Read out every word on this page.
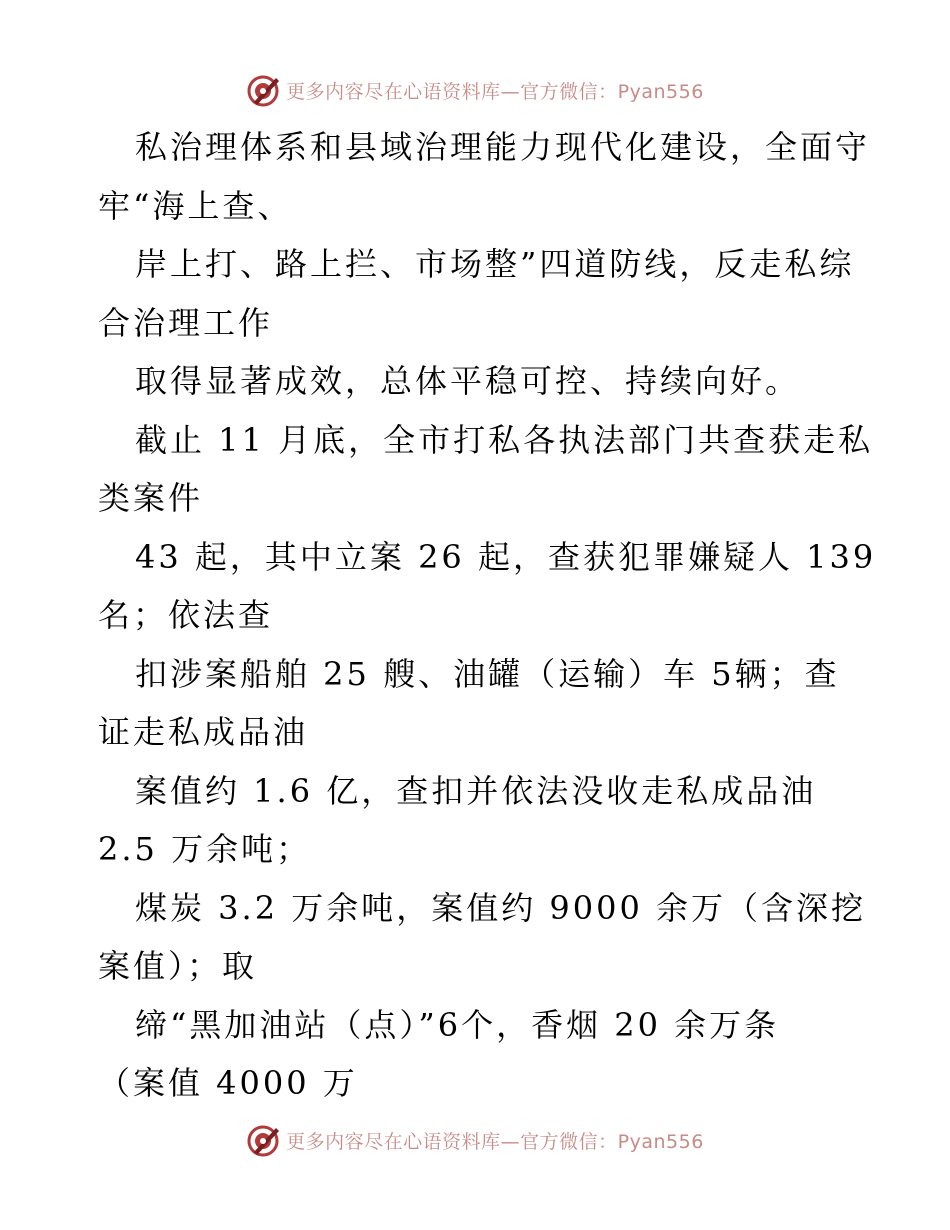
更多内容尽在心语资料库—官方微信：Pyan556
私治理体系和县域治理能力现代化建设，全面守
牢“海上查、
岸上打、路上拦、市场整”四道防线，反走私综
合治理工作
取得显著成效，总体平稳可控、持续向好。
截止 11 月底，全市打私各执法部门共查获走私
类案件
43 起，其中立案 26 起，查获犯罪嫌疑人 139
名；依法查
扣涉案船舶 25 艘、油罐（运输）车 5辆；查
证走私成品油
案值约 1.6 亿，查扣并依法没收走私成品油
2.5 万余吨；
煤炭 3.2 万余吨，案值约 9000 余万（含深挖
案值）；取
缔“黑加油站（点）”6个，香烟 20 余万条
（案值 4000 万
更多内容尽在心语资料库—官方微信：Pyan556
